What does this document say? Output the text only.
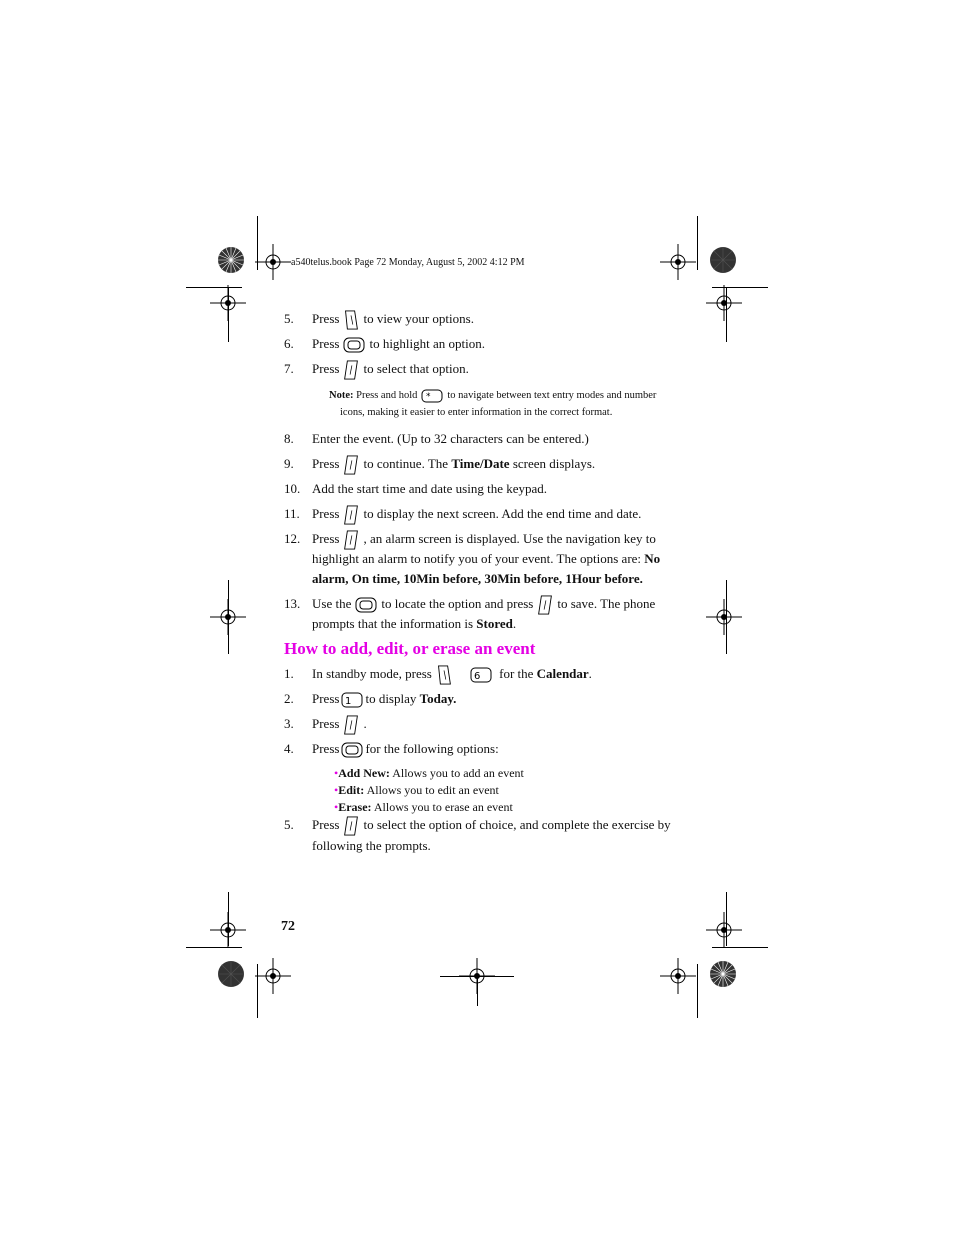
a540telus.book Page 72 Monday, August 5, 2002 4:12 PM
5.	Press to view your options.
6.	Press to highlight an option.
7.	Press to select that option.
Note: Press and hold * to navigate between text entry modes and number
icons, making it easier to enter information in the correct format.
8.	Enter the event. (Up to 32 characters can be entered.)
9.	Press to continue. The Time/Date screen displays.
10. Add the start time and date using the keypad.
11. Press to display the next screen. Add the end time and date.
12. Press , an alarm screen is displayed. Use the navigation key to
highlight an alarm to notify you of your event. The options are: No
alarm, On time, 10Min before, 30Min before, 1Hour before.
13. Use the to locate the option and press to save. The phone
prompts that the information is Stored.
How to add, edit, or erase an event
1.	In standby mode, press	6 for the Calendar.
2.	Press 1 to display Today.
3.	Press .
4.	Press for the following options:
•Add New: Allows you to add an event
•Edit: Allows you to edit an event
•Erase: Allows you to erase an event
5.	Press to select the option of choice, and complete the exercise by
following the prompts.
72
